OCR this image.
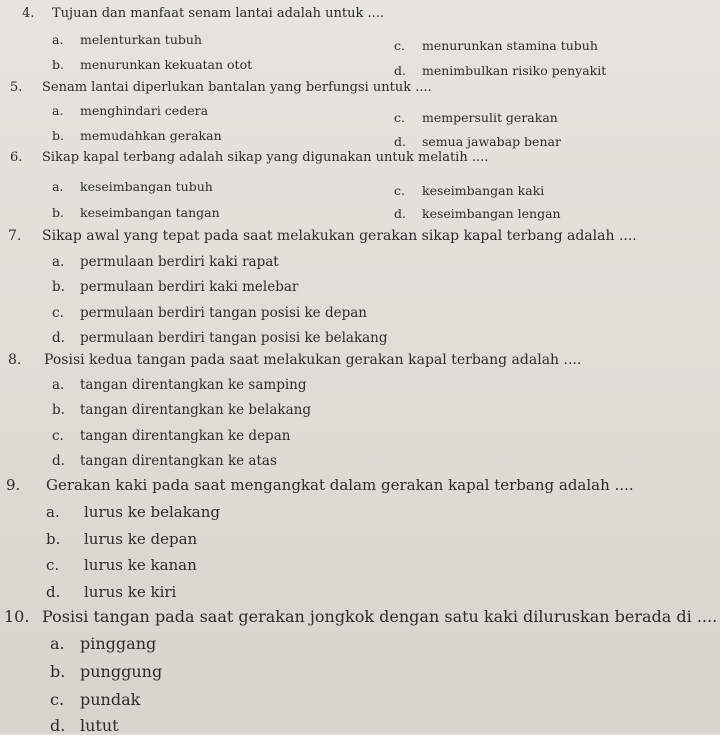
4. Tujuan dan manfaat senam lantai adalah untuk ....
a. melenturkan tubuh
b. menurunkan kekuatan otot
c. menurunkan stamina tubuh
d. menimbulkan risiko penyakit
5. Senam lantai diperlukan bantalan yang berfungsi untuk ....
a. menghindari cedera
b. memudahkan gerakan
c. mempersulit gerakan
d. semua jawabap benar
6. Sikap kapal terbang adalah sikap yang digunakan untuk melatih ....
a. keseimbangan tubuh
b. keseimbangan tangan
c. keseimbangan kaki
d. keseimbangan lengan
7. Sikap awal yang tepat pada saat melakukan gerakan sikap kapal terbang adalah ....
a. permulaan berdiri kaki rapat
b. permulaan berdiri kaki melebar
c. permulaan berdiri tangan posisi ke depan
d. permulaan berdiri tangan posisi ke belakang
8. Posisi kedua tangan pada saat melakukan gerakan kapal terbang adalah ....
a. tangan direntangkan ke samping
b. tangan direntangkan ke belakang
c. tangan direntangkan ke depan
d. tangan direntangkan ke atas
9. Gerakan kaki pada saat mengangkat dalam gerakan kapal terbang adalah ....
a. lurus ke belakang
b. lurus ke depan
c. lurus ke kanan
d. lurus ke kiri
10. Posisi tangan pada saat gerakan jongkok dengan satu kaki diluruskan berada di ....
a. pinggang
b. punggung
c. pundak
d. lutut
